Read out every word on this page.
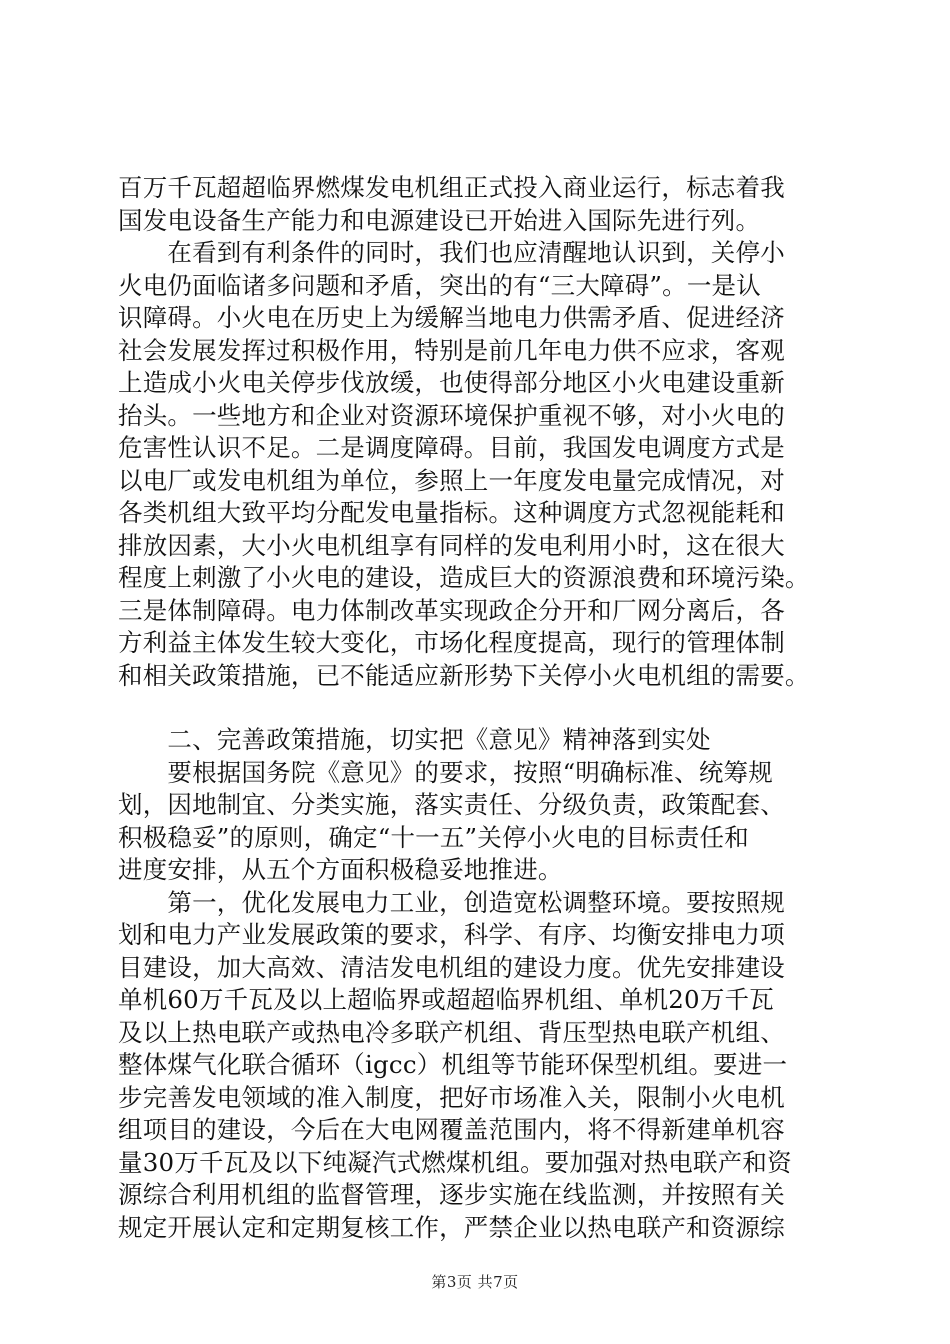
百万千瓦超超临界燃煤发电机组正式投入商业运行，标志着我
国发电设备生产能力和电源建设已开始进入国际先进行列。
　　在看到有利条件的同时，我们也应清醒地认识到，关停小
火电仍面临诸多问题和矛盾，突出的有“三大障碍”。一是认
识障碍。小火电在历史上为缓解当地电力供需矛盾、促进经济
社会发展发挥过积极作用，特别是前几年电力供不应求，客观
上造成小火电关停步伐放缓，也使得部分地区小火电建设重新
抬头。一些地方和企业对资源环境保护重视不够，对小火电的
危害性认识不足。二是调度障碍。目前，我国发电调度方式是
以电厂或发电机组为单位，参照上一年度发电量完成情况，对
各类机组大致平均分配发电量指标。这种调度方式忽视能耗和
排放因素，大小火电机组享有同样的发电利用小时，这在很大
程度上刺激了小火电的建设，造成巨大的资源浪费和环境污染。
三是体制障碍。电力体制改革实现政企分开和厂网分离后，各
方利益主体发生较大变化，市场化程度提高，现行的管理体制
和相关政策措施，已不能适应新形势下关停小火电机组的需要。
　　二、完善政策措施，切实把《意见》精神落到实处
　　要根据国务院《意见》的要求，按照“明确标准、统筹规
划，因地制宜、分类实施，落实责任、分级负责，政策配套、
积极稳妥”的原则，确定“十一五”关停小火电的目标责任和
进度安排，从五个方面积极稳妥地推进。
　　第一，优化发展电力工业，创造宽松调整环境。要按照规
划和电力产业发展政策的要求，科学、有序、均衡安排电力项
目建设，加大高效、清洁发电机组的建设力度。优先安排建设
单机60万千瓦及以上超临界或超超临界机组、单机20万千瓦
及以上热电联产或热电冷多联产机组、背压型热电联产机组、
整体煤气化联合循环（igcc）机组等节能环保型机组。要进一
步完善发电领域的准入制度，把好市场准入关，限制小火电机
组项目的建设，今后在大电网覆盖范围内，将不得新建单机容
量30万千瓦及以下纯凝汽式燃煤机组。要加强对热电联产和资
源综合利用机组的监督管理，逐步实施在线监测，并按照有关
规定开展认定和定期复核工作，严禁企业以热电联产和资源综
第3页 共7页
